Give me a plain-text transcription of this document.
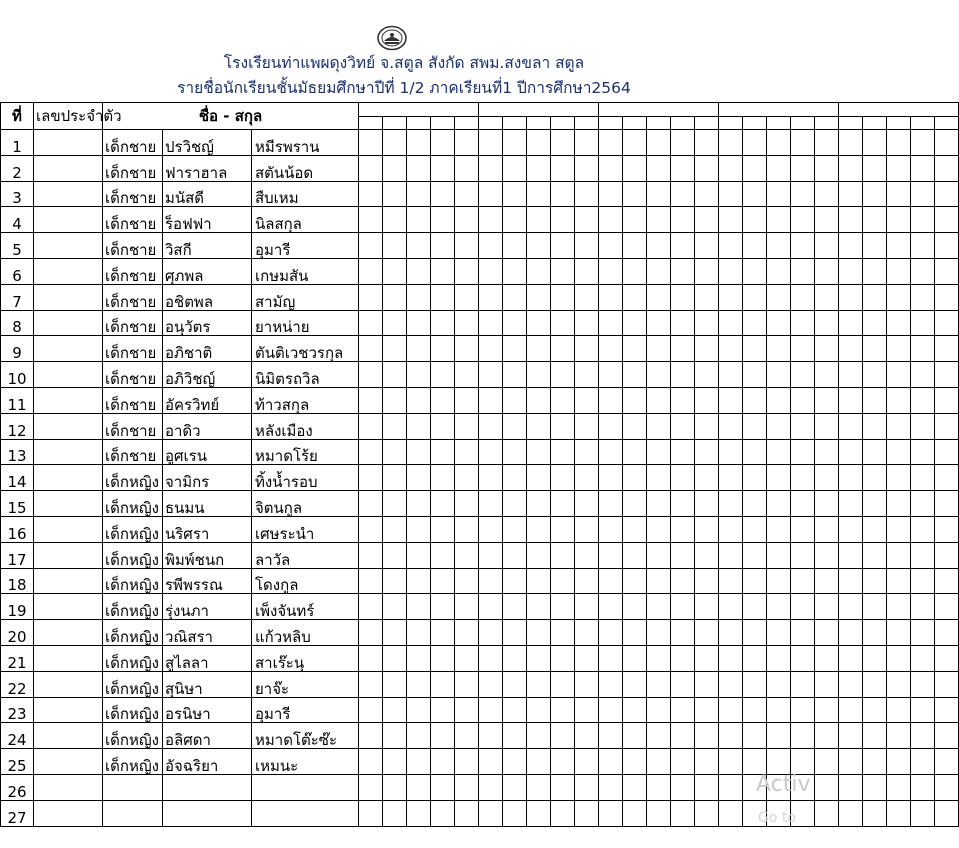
โรงเรียนท่าแพผดุงวิทย์ จ.สตูล สังกัด สพม.สงขลา สตูล
รายชื่อนักเรียนชั้นมัธยมศึกษาปีที่ 1/2 ภาคเรียนที่1 ปีการศึกษา2564
ที่	เลขประจำตัว	ชื่อ - สกุล																											

1		เด็กชาย	ปรวิชญ์	หมีรพราน																									
2		เด็กชาย	ฟาราฮาล	สตันน้อด																									
3		เด็กชาย	มนัสดี	สืบเหม																									
4		เด็กชาย	ร็อฟฟา	นิลสกุล																									
5		เด็กชาย	วิสกี	อุมารี																									
6		เด็กชาย	ศุภพล	เกษมสัน																									
7		เด็กชาย	อชิตพล	สามัญ																									
8		เด็กชาย	อนุวัตร	ยาหน่าย																									
9		เด็กชาย	อภิชาติ	ตันติเวชวรกุล																									
10		เด็กชาย	อภิวิชญ์	นิมิตรถวิล																									
11		เด็กชาย	อัครวิทย์	ท้าวสกุล																									
12		เด็กชาย	อาดิว	หลังเมือง																									
13		เด็กชาย	อูศเรน	หมาดโร้ย																									
14		เด็กหญิง	จามิกร	ทิ้งน้ำรอบ																									
15		เด็กหญิง	ธนมน	จิตนกูล																									
16		เด็กหญิง	นริศรา	เศษระนำ																									
17		เด็กหญิง	พิมพ์ชนก	ลาวัล																									
18		เด็กหญิง	รพีพรรณ	โดงกูล																									
19		เด็กหญิง	รุ่งนภา	เพ็งจันทร์																									
20		เด็กหญิง	วณิสรา	แก้วหลิบ																									
21		เด็กหญิง	สูไลลา	สาเร๊ะนุ																									
22		เด็กหญิง	สุนิษา	ยาจ๊ะ																									
23		เด็กหญิง	อรนิษา	อุมารี																									
24		เด็กหญิง	อลิศดา	หมาดโต๊ะซ๊ะ																									
25		เด็กหญิง	อัจฉริยา	เหมนะ																									
26																													
27																													
Activ
Go to
